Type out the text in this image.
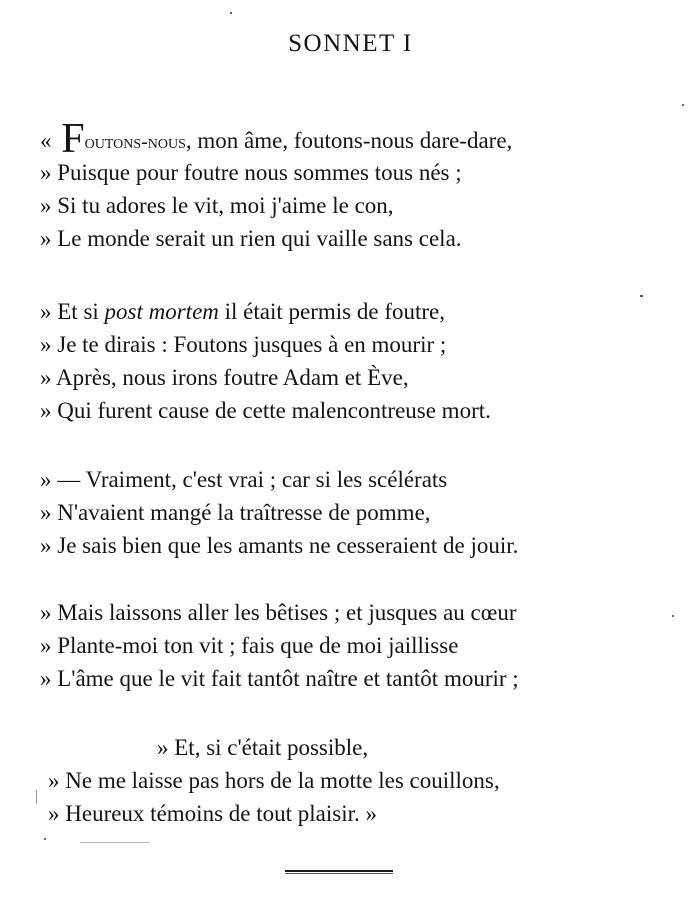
SONNET I
« Foutons-nous, mon âme, foutons-nous dare-dare,
» Puisque pour foutre nous sommes tous nés ;
» Si tu adores le vit, moi j'aime le con,
» Le monde serait un rien qui vaille sans cela.
» Et si post mortem il était permis de foutre,
» Je te dirais : Foutons jusques à en mourir ;
» Après, nous irons foutre Adam et Ève,
» Qui furent cause de cette malencontreuse mort.
» — Vraiment, c'est vrai ; car si les scélérats
» N'avaient mangé la traîtresse de pomme,
» Je sais bien que les amants ne cesseraient de jouir.
» Mais laissons aller les bêtises ; et jusques au cœur
» Plante-moi ton vit ; fais que de moi jaillisse
» L'âme que le vit fait tantôt naître et tantôt mourir ;
» Et, si c'était possible,
» Ne me laisse pas hors de la motte les couillons,
» Heureux témoins de tout plaisir. »
